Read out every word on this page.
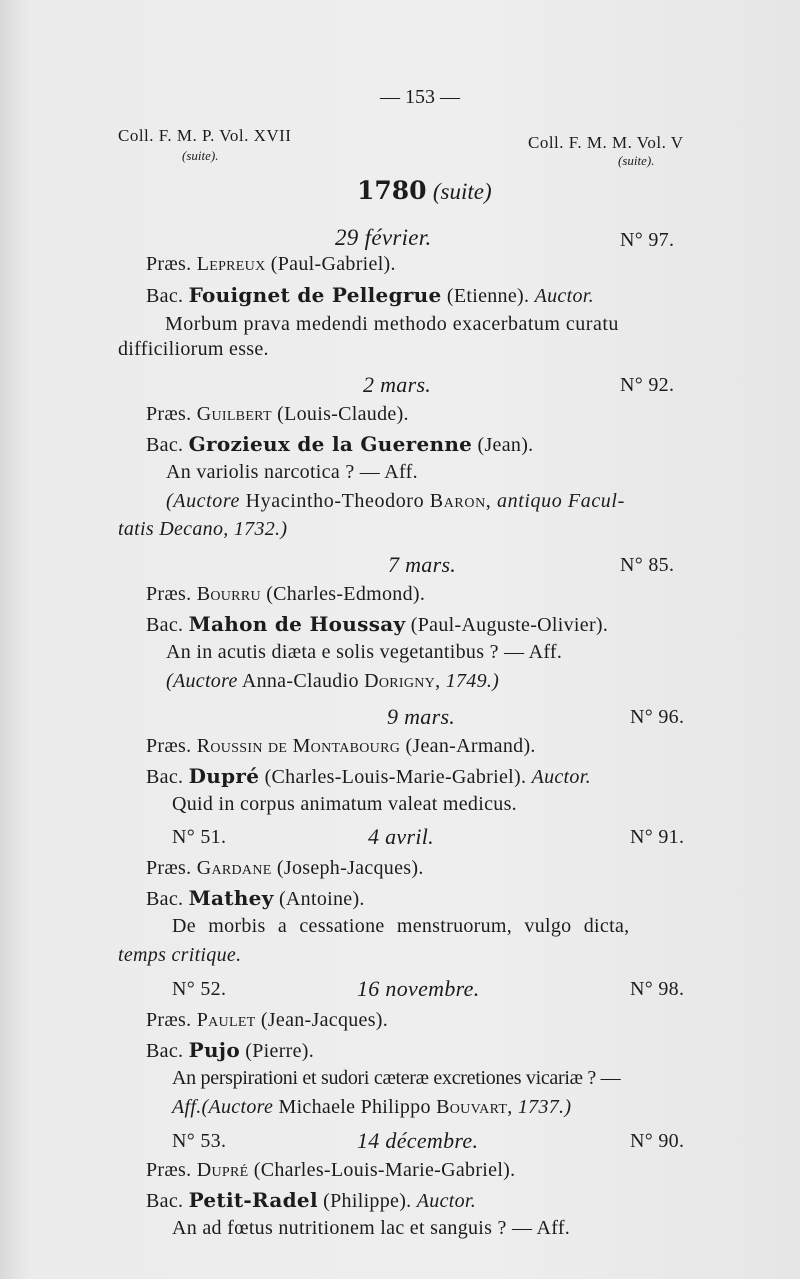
— 153 —
Coll. F. M. P. Vol. XVII
(suite).
Coll. F. M. M. Vol. V
(suite).
1780 (suite)
29 février.	N° 97.
Præs. Lepreux (Paul-Gabriel).
Bac. Fouignet de Pellegrue (Etienne). Auctor.
Morbum prava medendi methodo exacerbatum curatu
difficiliorum esse.
2 mars.	N° 92.
Præs. Guilbert (Louis-Claude).
Bac. Grozieux de la Guerenne (Jean).
An variolis narcotica ? — Aff.
(Auctore Hyacintho-Theodoro Baron, antiquo Facul-
tatis Decano, 1732.)
7 mars.	N° 85.
Præs. Bourru (Charles-Edmond).
Bac. Mahon de Houssay (Paul-Auguste-Olivier).
An in acutis diæta e solis vegetantibus ? — Aff.
(Auctore Anna-Claudio Dorigny, 1749.)
9 mars.	N° 96.
Præs. Roussin de Montabourg (Jean-Armand).
Bac. Dupré (Charles-Louis-Marie-Gabriel). Auctor.
Quid in corpus animatum valeat medicus.
N° 51.	4 avril.	N° 91.
Præs. Gardane (Joseph-Jacques).
Bac. Mathey (Antoine).
De morbis a cessatione menstruorum, vulgo dicta,
temps critique.
N° 52.	16 novembre.	N° 98.
Præs. Paulet (Jean-Jacques).
Bac. Pujo (Pierre).
An perspirationi et sudori cæteræ excretiones vicariæ ? —
Aff.(Auctore Michaele Philippo Bouvart, 1737.)
N° 53.	14 décembre.	N° 90.
Præs. Dupré (Charles-Louis-Marie-Gabriel).
Bac. Petit-Radel (Philippe). Auctor.
An ad fœtus nutritionem lac et sanguis ? — Aff.
